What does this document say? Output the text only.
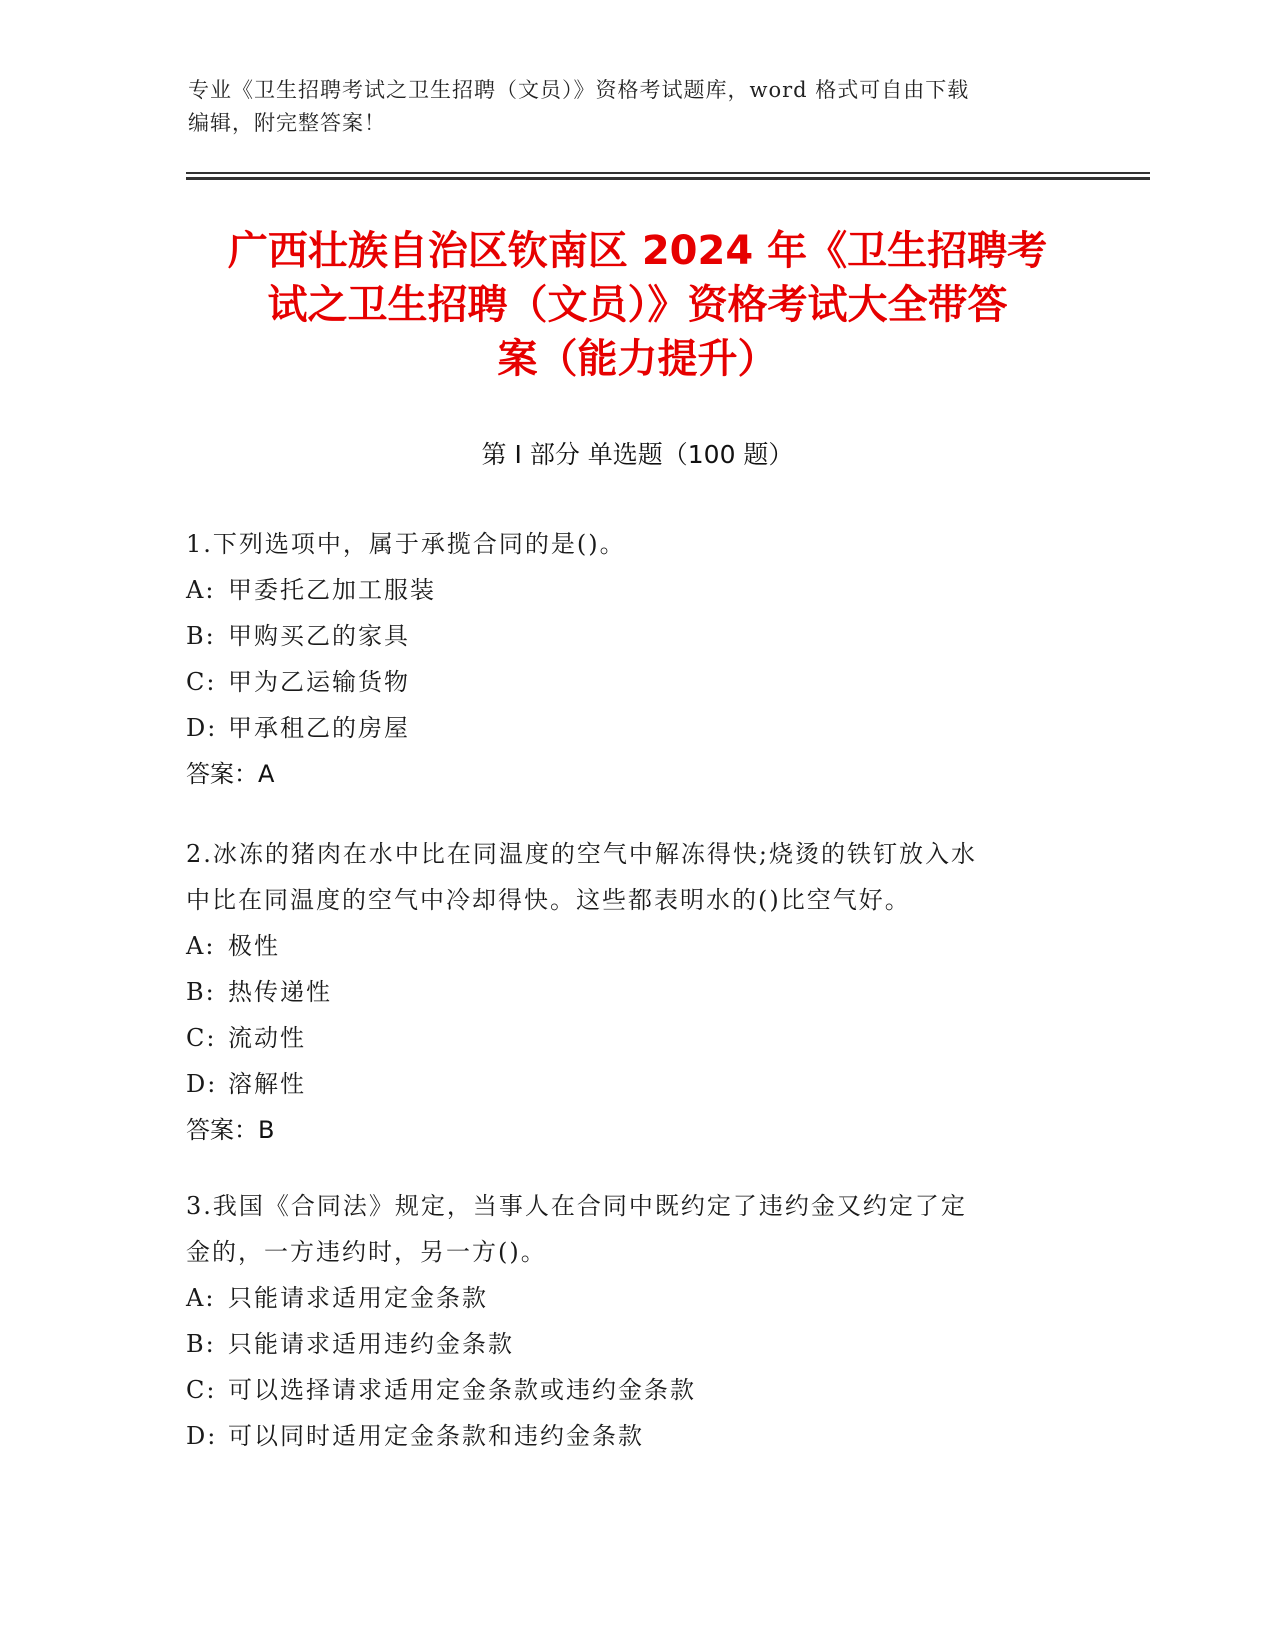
专业《卫生招聘考试之卫生招聘（文员）》资格考试题库，word 格式可自由下载
编辑，附完整答案！
广西壮族自治区钦南区 2024 年《卫生招聘考
试之卫生招聘（文员）》资格考试大全带答
案（能力提升）
第 I 部分 单选题（100 题）
1.下列选项中，属于承揽合同的是()。
A: 甲委托乙加工服装
B: 甲购买乙的家具
C: 甲为乙运输货物
D: 甲承租乙的房屋
答案：A
2.冰冻的猪肉在水中比在同温度的空气中解冻得快;烧烫的铁钉放入水
中比在同温度的空气中冷却得快。这些都表明水的()比空气好。
A: 极性
B: 热传递性
C: 流动性
D: 溶解性
答案：B
3.我国《合同法》规定，当事人在合同中既约定了违约金又约定了定
金的，一方违约时，另一方()。
A: 只能请求适用定金条款
B: 只能请求适用违约金条款
C: 可以选择请求适用定金条款或违约金条款
D: 可以同时适用定金条款和违约金条款
